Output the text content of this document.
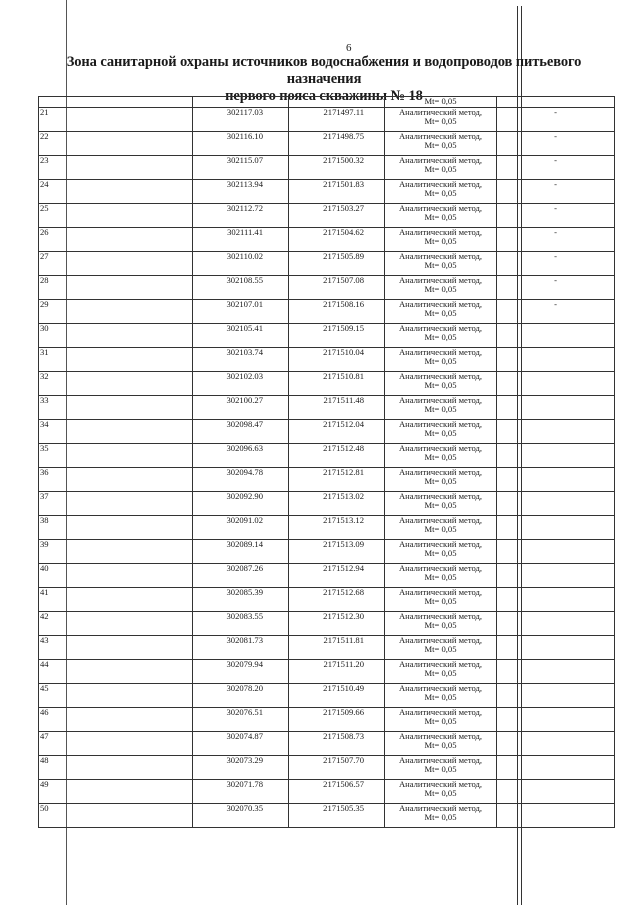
6
Зона санитарной охраны источников водоснабжения и водопроводов питьевого назначения
первого пояса скважины № 18
			Мt= 0,05	
21	302117.03	2171497.11	Аналитический метод,
Мt= 0,05	-
22	302116.10	2171498.75	Аналитический метод,
Мt= 0,05	-
23	302115.07	2171500.32	Аналитический метод,
Мt= 0,05	-
24	302113.94	2171501.83	Аналитический метод,
Мt= 0,05	-
25	302112.72	2171503.27	Аналитический метод,
Мt= 0,05	-
26	302111.41	2171504.62	Аналитический метод,
Мt= 0,05	-
27	302110.02	2171505.89	Аналитический метод,
Мt= 0,05	-
28	302108.55	2171507.08	Аналитический метод,
Мt= 0,05	-
29	302107.01	2171508.16	Аналитический метод,
Мt= 0,05	-
30	302105.41	2171509.15	Аналитический метод,
Мt= 0,05	

31	302103.74	2171510.04	Аналитический метод,
Мt= 0,05	

32	302102.03	2171510.81	Аналитический метод,
Мt= 0,05	

33	302100.27	2171511.48	Аналитический метод,
Мt= 0,05	

34	302098.47	2171512.04	Аналитический метод,
Мt= 0,05	

35	302096.63	2171512.48	Аналитический метод,
Мt= 0,05	

36	302094.78	2171512.81	Аналитический метод,
Мt= 0,05	

37	302092.90	2171513.02	Аналитический метод,
Мt= 0,05	

38	302091.02	2171513.12	Аналитический метод,
Мt= 0,05	

39	302089.14	2171513.09	Аналитический метод,
Мt= 0,05	

40	302087.26	2171512.94	Аналитический метод,
Мt= 0,05	

41	302085.39	2171512.68	Аналитический метод,
Мt= 0,05	

42	302083.55	2171512.30	Аналитический метод,
Мt= 0,05	

43	302081.73	2171511.81	Аналитический метод,
Мt= 0,05	

44	302079.94	2171511.20	Аналитический метод,
Мt= 0,05	

45	302078.20	2171510.49	Аналитический метод,
Мt= 0,05	

46	302076.51	2171509.66	Аналитический метод,
Мt= 0,05	

47	302074.87	2171508.73	Аналитический метод,
Мt= 0,05	

48	302073.29	2171507.70	Аналитический метод,
Мt= 0,05	

49	302071.78	2171506.57	Аналитический метод,
Мt= 0,05	

50	302070.35	2171505.35	Аналитический метод,
Мt= 0,05	
